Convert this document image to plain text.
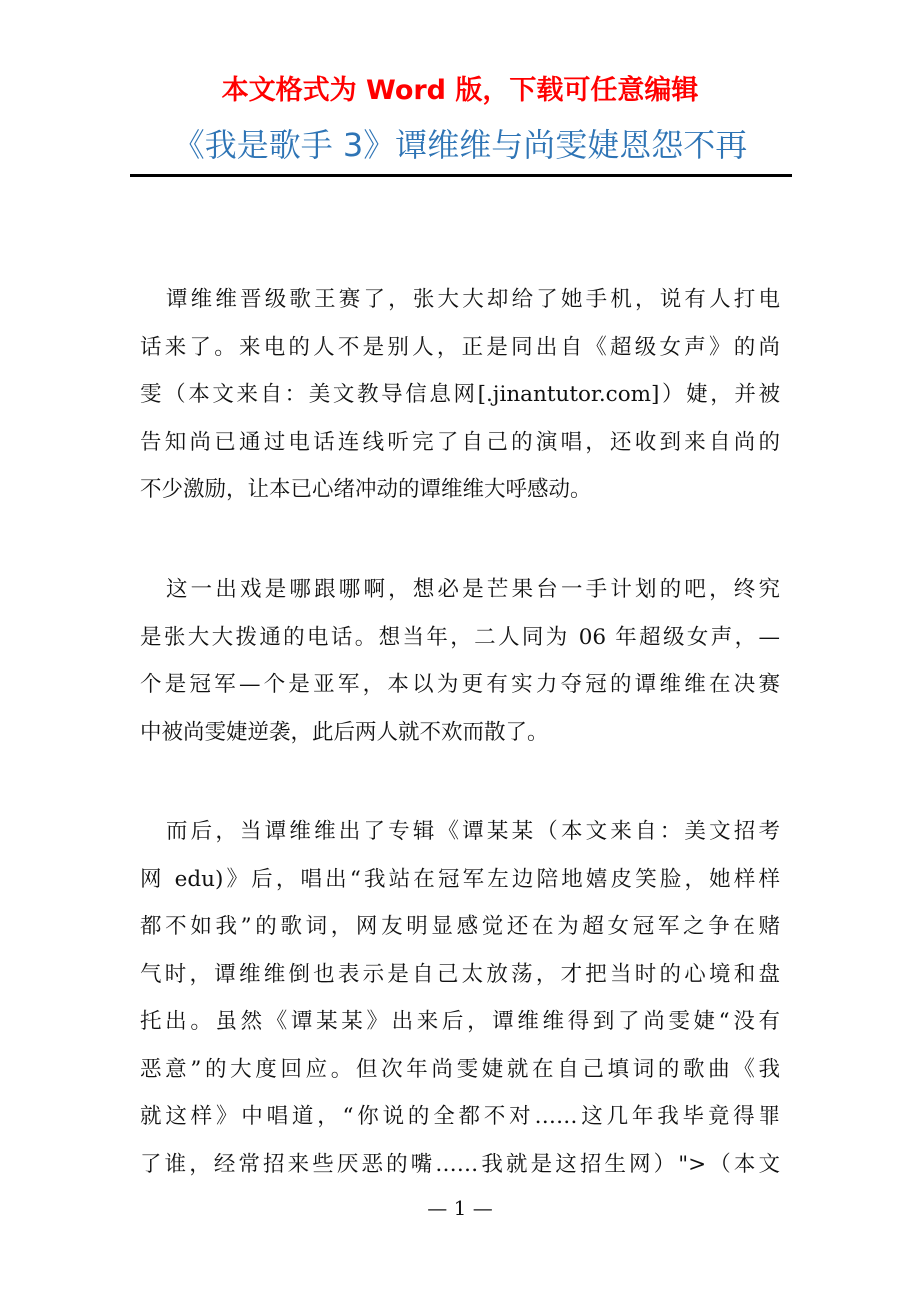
本文格式为 Word 版，下载可任意编辑
《我是歌手 3》谭维维与尚雯婕恩怨不再
谭维维晋级歌王赛了，张大大却给了她手机，说有人打电
话来了。来电的人不是别人，正是同出自《超级女声》的尚
雯（本文来自：美文教导信息网[.jinantutor.com]）婕，并被
告知尚已通过电话连线听完了自己的演唱，还收到来自尚的
不少激励，让本已心绪冲动的谭维维大呼感动。
这一出戏是哪跟哪啊，想必是芒果台一手计划的吧，终究
是张大大拨通的电话。想当年，二人同为 06 年超级女声，—
个是冠军—个是亚军，本以为更有实力夺冠的谭维维在决赛
中被尚雯婕逆袭，此后两人就不欢而散了。
而后，当谭维维出了专辑《谭某某（本文来自：美文招考
网 edu)》后，唱出“我站在冠军左边陪地嬉皮笑脸，她样样
都不如我”的歌词，网友明显感觉还在为超女冠军之争在赌
气时，谭维维倒也表示是自己太放荡，才把当时的心境和盘
托出。虽然《谭某某》出来后，谭维维得到了尚雯婕“没有
恶意”的大度回应。但次年尚雯婕就在自己填词的歌曲《我
就这样》中唱道，“你说的全都不对……这几年我毕竟得罪
了谁，经常招来些厌恶的嘴……我就是这招生网）">（本文
— 1 —
